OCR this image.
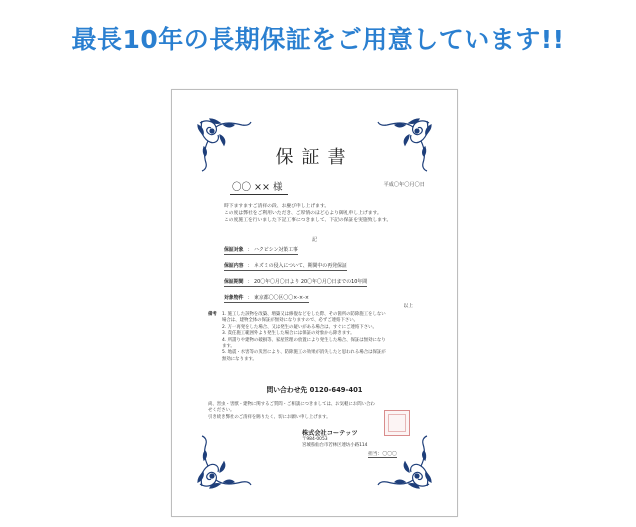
最長10年の長期保証をご用意しています!!
保証書
〇〇 ×× 様	平成〇年〇月〇日
時下ますますご清祥の段、お慶び申し上げます。
この度は弊社をご利用いただき、ご厚情のほど心より御礼申し上げます。
この度施工を行いました下記工事につきまして、下記の保証を実施致します。
記
保証対象 ： ハクビシン対策工事
保証内容 ： ネズミの侵入について、期間中の再発保証
保証期間 ： 20〇年〇月〇日より 20〇年〇月〇日までの10年間
対象物件 ： 東京都〇〇区〇〇×-×-×
以上
備考 1. 施工した該物を改築、増築又は修復などをした際、その箇所の防除施工をしない
場合は、建物全体の保証が無効になりますので、必ずご連絡下さい。
2. 万一再発をした場合、又は発生の疑いがある場合は、すぐにご連絡下さい。
3. 責任施工範囲外より発生した場合には保証の対象から除きます。
4. 所謂りや建物の破損等、家屋管理の放置により発生した場合、保証は無効になり
ます。
5. 地震・水害等の災害により、防除施工の効果が消失したと思われる場合は保証が
無効になります。
問い合わせ先 0120-649-401
尚、害虫・害獣・建物に関するご質問・ご相談につきましては、お気軽にお問い合わ
せください。
引き続き弊社のご清祥を賜りたく、切にお願い申し上げます。
株式会社コーテッツ
〒984-0053
宮城県仙台市若林区連坊小路114
担当：〇〇〇
